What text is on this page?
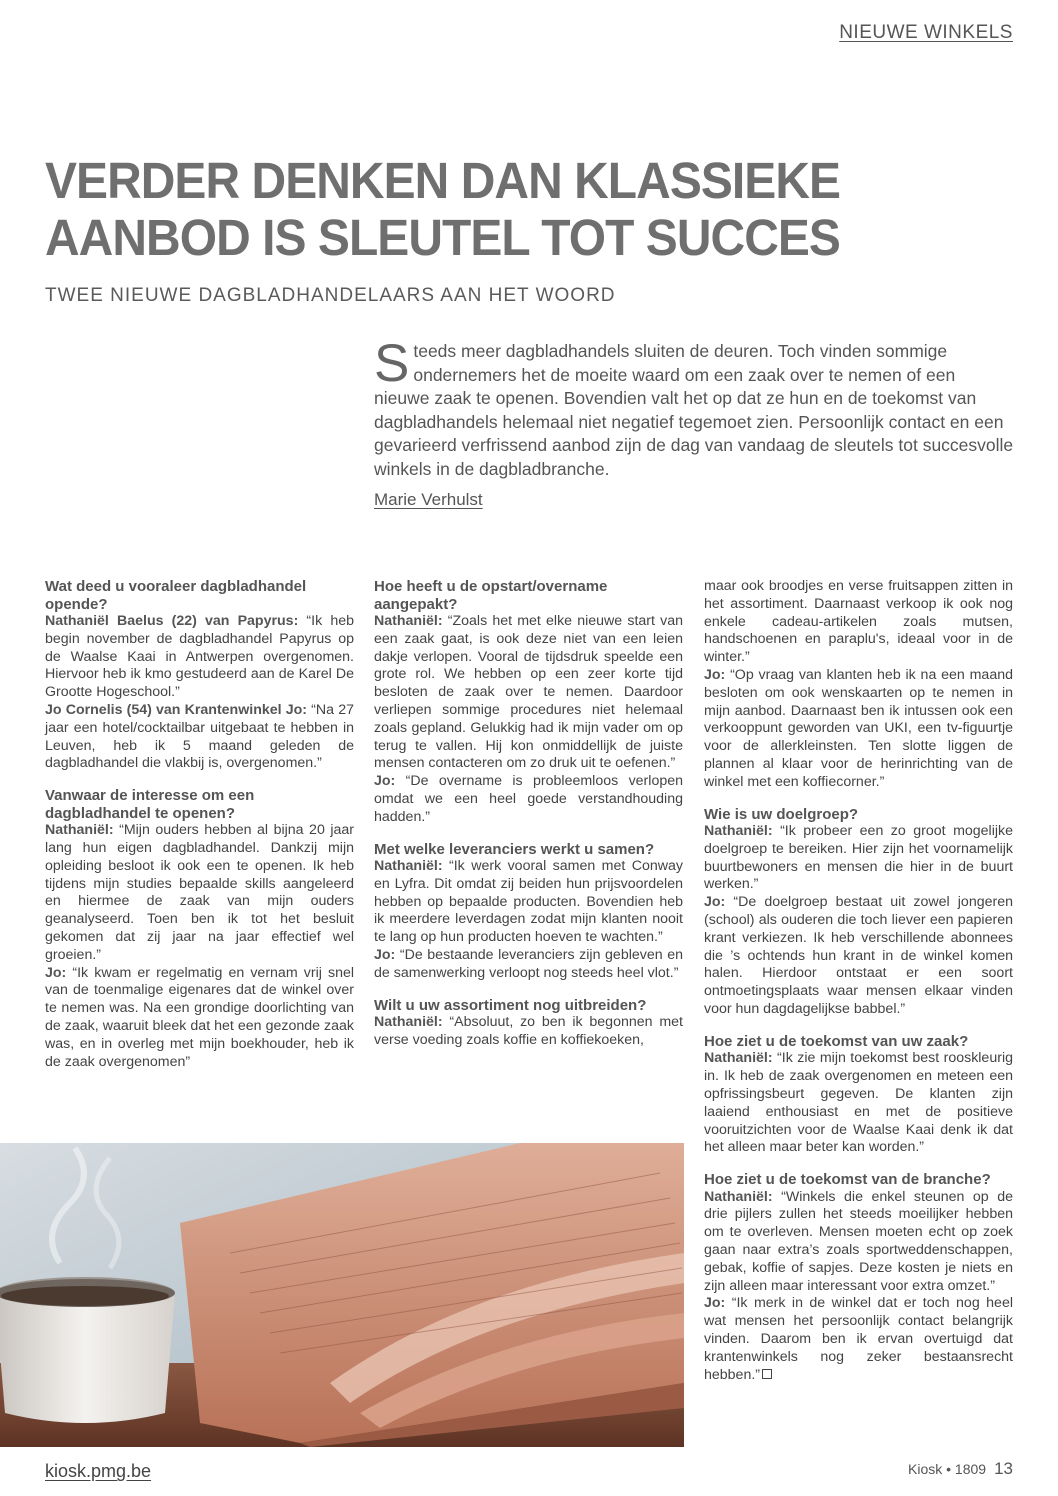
NIEUWE WINKELS
VERDER DENKEN DAN KLASSIEKE AANBOD IS SLEUTEL TOT SUCCES
TWEE NIEUWE DAGBLADHANDELAARS AAN HET WOORD
Steeds meer dagbladhandels sluiten de deuren. Toch vinden sommige ondernemers het de moeite waard om een zaak over te nemen of een nieuwe zaak te openen. Bovendien valt het op dat ze hun en de toekomst van dagbladhandels helemaal niet negatief tegemoet zien. Persoonlijk contact en een gevarieerd verfrissend aanbod zijn de dag van vandaag de sleutels tot succesvolle winkels in de dagbladbranche.
Marie Verhulst
Wat deed u vooraleer dagbladhandel opende?

Nathaniël Baelus (22) van Papyrus: “Ik heb begin november de dagbladhandel Papyrus op de Waalse Kaai in Antwerpen overgenomen. Hiervoor heb ik kmo gestudeerd aan de Karel De Grootte Hogeschool.”

Jo Cornelis (54) van Krantenwinkel Jo: “Na 27 jaar een hotel/cocktailbar uitgebaat te hebben in Leuven, heb ik 5 maand geleden de dagbladhandel die vlakbij is, overgenomen.”

Vanwaar de interesse om een dagbladhandel te openen?

Nathaniël: “Mijn ouders hebben al bijna 20 jaar lang hun eigen dagbladhandel. Dankzij mijn opleiding besloot ik ook een te openen. Ik heb tijdens mijn studies bepaalde skills aangeleerd en hiermee de zaak van mijn ouders geanalyseerd. Toen ben ik tot het besluit gekomen dat zij jaar na jaar effectief wel groeien.”

Jo: “Ik kwam er regelmatig en vernam vrij snel van de toenmalige eigenares dat de winkel over te nemen was. Na een grondige doorlichting van de zaak, waaruit bleek dat het een gezonde zaak was, en in overleg met mijn boekhouder, heb ik de zaak overgenomen”

Hoe heeft u de opstart/overname aangepakt?

Nathaniël: “Zoals het met elke nieuwe start van een zaak gaat, is ook deze niet van een leien dakje verlopen. Vooral de tijdsdruk speelde een grote rol. We hebben op een zeer korte tijd besloten de zaak over te nemen. Daardoor verliepen sommige procedures niet helemaal zoals gepland. Gelukkig had ik mijn vader om op terug te vallen. Hij kon onmiddellijk de juiste mensen contacteren om zo druk uit te oefenen.”

Jo: “De overname is probleemloos verlopen omdat we een heel goede verstandhouding hadden.”

Met welke leveranciers werkt u samen?

Nathaniël: “Ik werk vooral samen met Conway en Lyfra. Dit omdat zij beiden hun prijsvoordelen hebben op bepaalde producten. Bovendien heb ik meerdere leverdagen zodat mijn klanten nooit te lang op hun producten hoeven te wachten.”

Jo: “De bestaande leveranciers zijn gebleven en de samenwerking verloopt nog steeds heel vlot.”

Wilt u uw assortiment nog uitbreiden?

Nathaniël: “Absoluut, zo ben ik begonnen met verse voeding zoals koffie en koffiekoeken,

maar ook broodjes en verse fruitsappen zitten in het assortiment. Daarnaast verkoop ik ook nog enkele cadeau-artikelen zoals mutsen, handschoenen en paraplu's, ideaal voor in de winter.”

Jo: “Op vraag van klanten heb ik na een maand besloten om ook wenskaarten op te nemen in mijn aanbod. Daarnaast ben ik intussen ook een verkooppunt geworden van UKI, een tv-figuurtje voor de allerkleinsten. Ten slotte liggen de plannen al klaar voor de herinrichting van de winkel met een koffiecorner.”

Wie is uw doelgroep?

Nathaniël: “Ik probeer een zo groot mogelijke doelgroep te bereiken. Hier zijn het voornamelijk buurtbewoners en mensen die hier in de buurt werken.”

Jo: “De doelgroep bestaat uit zowel jongeren (school) als ouderen die toch liever een papieren krant verkiezen. Ik heb verschillende abonnees die ’s ochtends hun krant in de winkel komen halen. Hierdoor ontstaat er een soort ontmoetingsplaats waar mensen elkaar vinden voor hun dagdagelijkse babbel.”

Hoe ziet u de toekomst van uw zaak?

Nathaniël: “Ik zie mijn toekomst best rooskleurig in. Ik heb de zaak overgenomen en meteen een opfrissingsbeurt gegeven. De klanten zijn laaiend enthousiast en met de positieve vooruitzichten voor de Waalse Kaai denk ik dat het alleen maar beter kan worden.”

Hoe ziet u de toekomst van de branche?

Nathaniël: “Winkels die enkel steunen op de drie pijlers zullen het steeds moeilijker hebben om te overleven. Mensen moeten echt op zoek gaan naar extra’s zoals sportweddenschappen, gebak, koffie of sapjes. Deze kosten je niets en zijn alleen maar interessant voor extra omzet.”

Jo: “Ik merk in de winkel dat er toch nog heel wat mensen het persoonlijk contact belangrijk vinden. Daarom ben ik ervan overtuigd dat krantenwinkels nog zeker bestaansrecht hebben.”

kiosk.pmg.be	Kiosk • 1809 13
